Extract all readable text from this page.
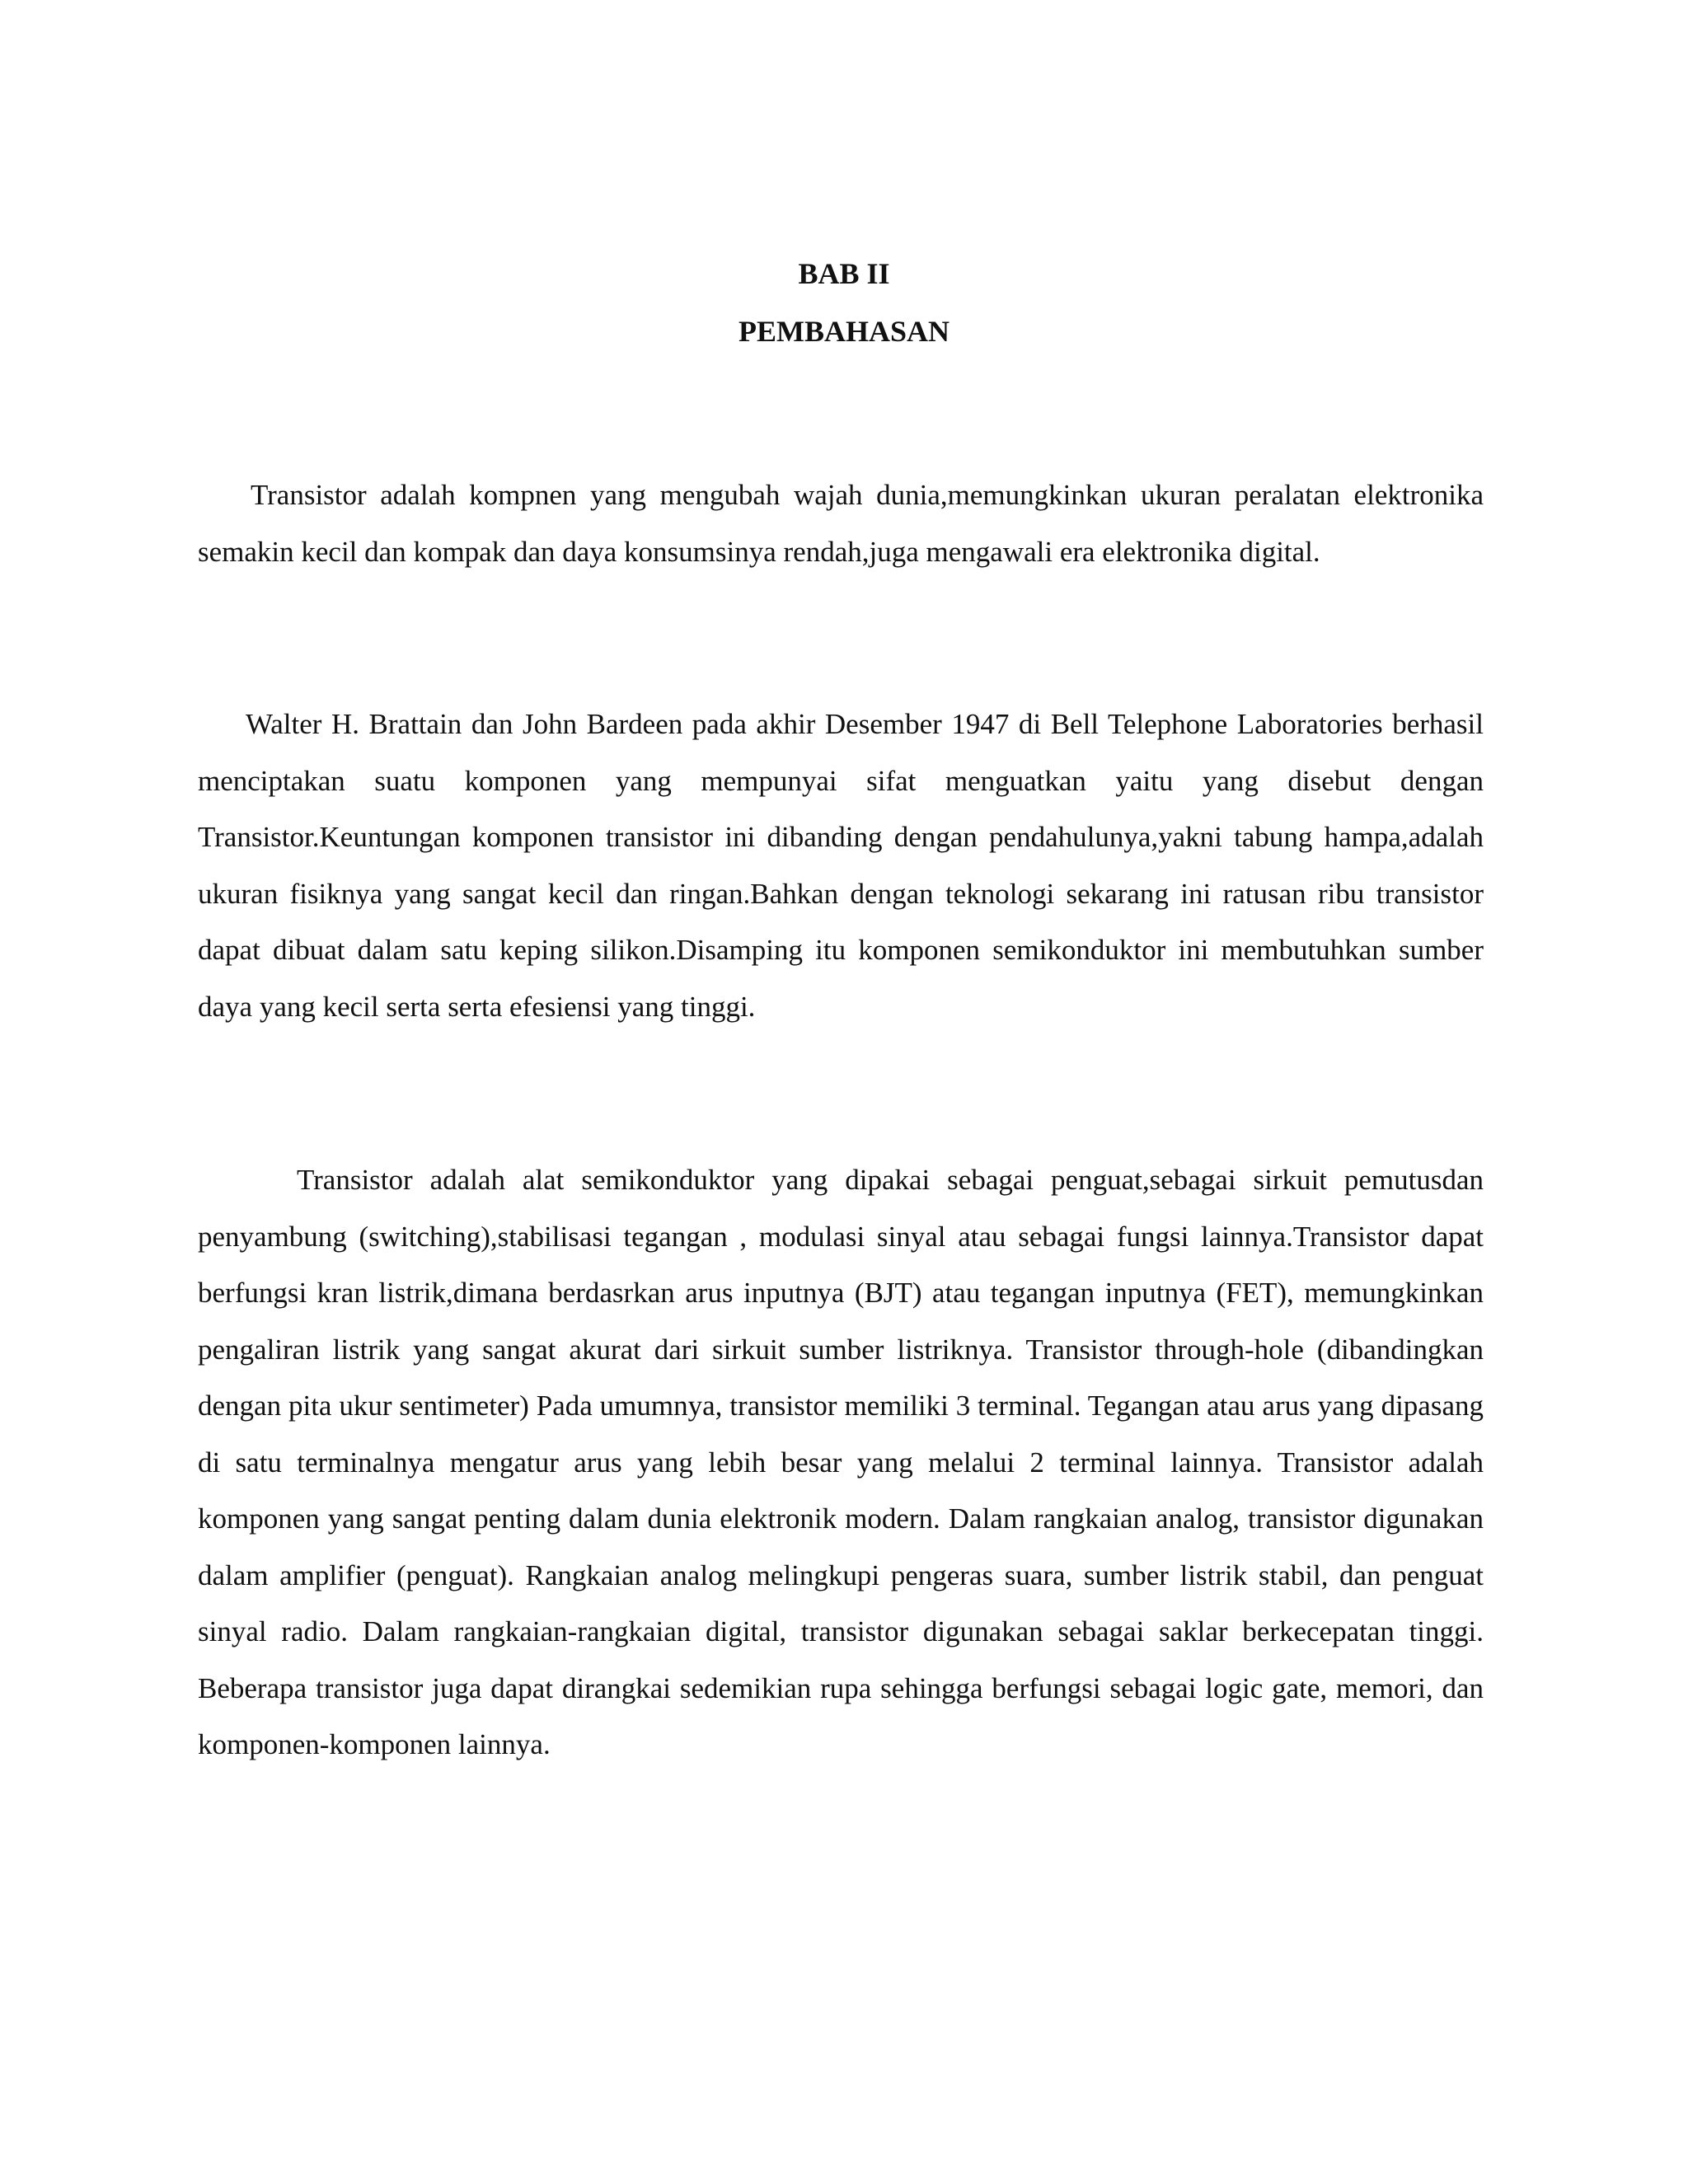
BAB II
PEMBAHASAN

Transistor adalah kompnen yang mengubah wajah dunia,memungkinkan ukuran peralatan elektronika semakin kecil dan kompak dan daya konsumsinya rendah,juga mengawali era elektronika digital.

Walter H. Brattain dan John Bardeen pada akhir Desember 1947 di Bell Telephone Laboratories berhasil menciptakan suatu komponen yang mempunyai sifat menguatkan yaitu yang disebut dengan Transistor.Keuntungan komponen transistor ini dibanding dengan pendahulunya,yakni tabung hampa,adalah ukuran fisiknya yang sangat kecil dan ringan.Bahkan dengan teknologi sekarang ini ratusan ribu transistor dapat dibuat dalam satu keping silikon.Disamping itu komponen semikonduktor ini membutuhkan sumber daya yang kecil serta serta efesiensi yang tinggi.

Transistor adalah alat semikonduktor yang dipakai sebagai penguat,sebagai sirkuit pemutusdan penyambung (switching),stabilisasi tegangan , modulasi sinyal atau sebagai fungsi lainnya.Transistor dapat berfungsi kran listrik,dimana berdasrkan arus inputnya (BJT) atau tegangan inputnya (FET), memungkinkan pengaliran listrik yang sangat akurat dari sirkuit sumber listriknya. Transistor through-hole (dibandingkan dengan pita ukur sentimeter) Pada umumnya, transistor memiliki 3 terminal. Tegangan atau arus yang dipasang di satu terminalnya mengatur arus yang lebih besar yang melalui 2 terminal lainnya. Transistor adalah komponen yang sangat penting dalam dunia elektronik modern. Dalam rangkaian analog, transistor digunakan dalam amplifier (penguat). Rangkaian analog melingkupi pengeras suara, sumber listrik stabil, dan penguat sinyal radio. Dalam rangkaian-rangkaian digital, transistor digunakan sebagai saklar berkecepatan tinggi. Beberapa transistor juga dapat dirangkai sedemikian rupa sehingga berfungsi sebagai logic gate, memori, dan komponen-komponen lainnya.
